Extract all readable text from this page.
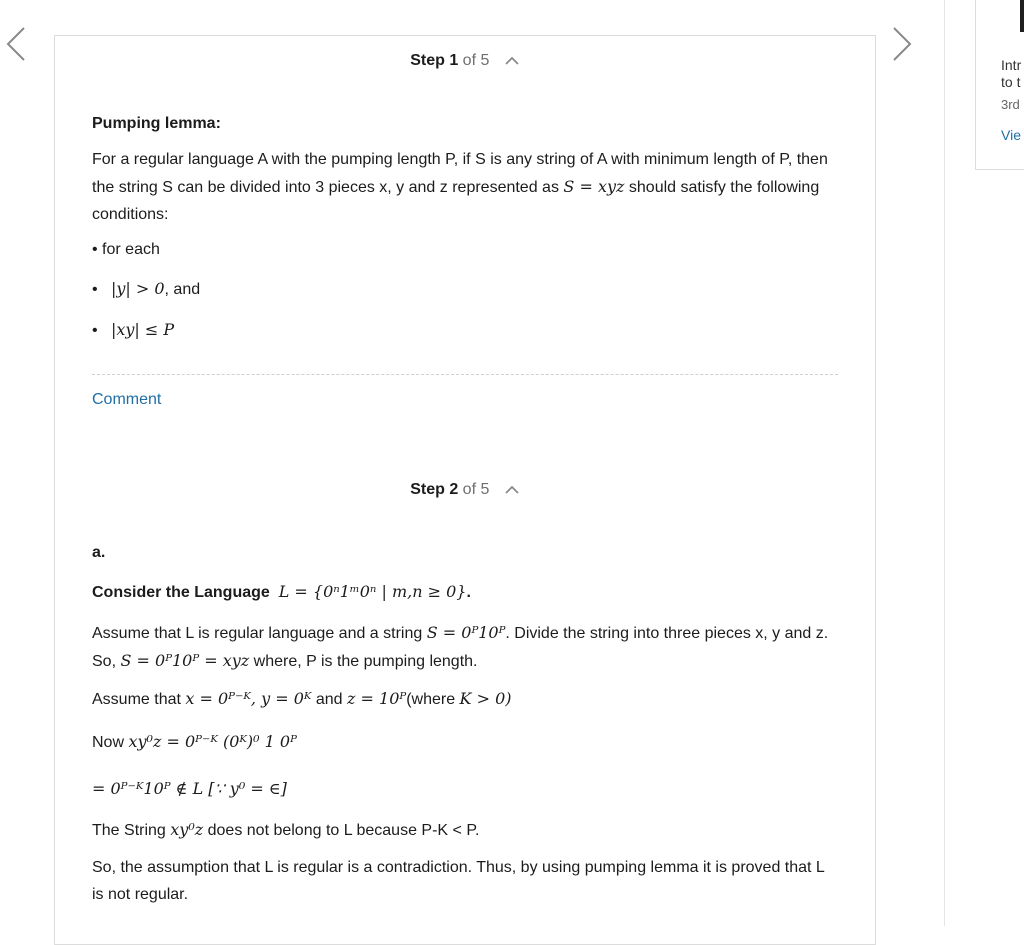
Step 1 of 5

Pumping lemma:

For a regular language A with the pumping length P, if S is any string of A with minimum length of P, then the string S can be divided into 3 pieces x, y and z represented as S = xyz should satisfy the following conditions:

• for each

• |y| > 0, and

• |xy| ≤ P

Comment
Step 2 of 5

a.

Consider the Language L = {0ⁿ1ᵐ0ⁿ | m,n ≥ 0}.

Assume that L is regular language and a string S = 0ᴾ10ᴾ. Divide the string into three pieces x, y and z. So, S = 0ᴾ10ᴾ = xyz where, P is the pumping length.

Assume that x = 0ᴾ⁻ᴷ, y = 0ᴷ and z = 10ᴾ(where K > 0)

Now xy⁰z = 0ᴾ⁻ᴷ (0ᴷ)⁰ 1 0ᴾ

= 0ᴾ⁻ᴷ10ᴾ ∉ L [∵ y⁰ = ∈]

The String xy⁰z does not belong to L because P-K < P.

So, the assumption that L is regular is a contradiction. Thus, by using pumping lemma it is proved that L is not regular.

Intr
to t
3rd
Vie
